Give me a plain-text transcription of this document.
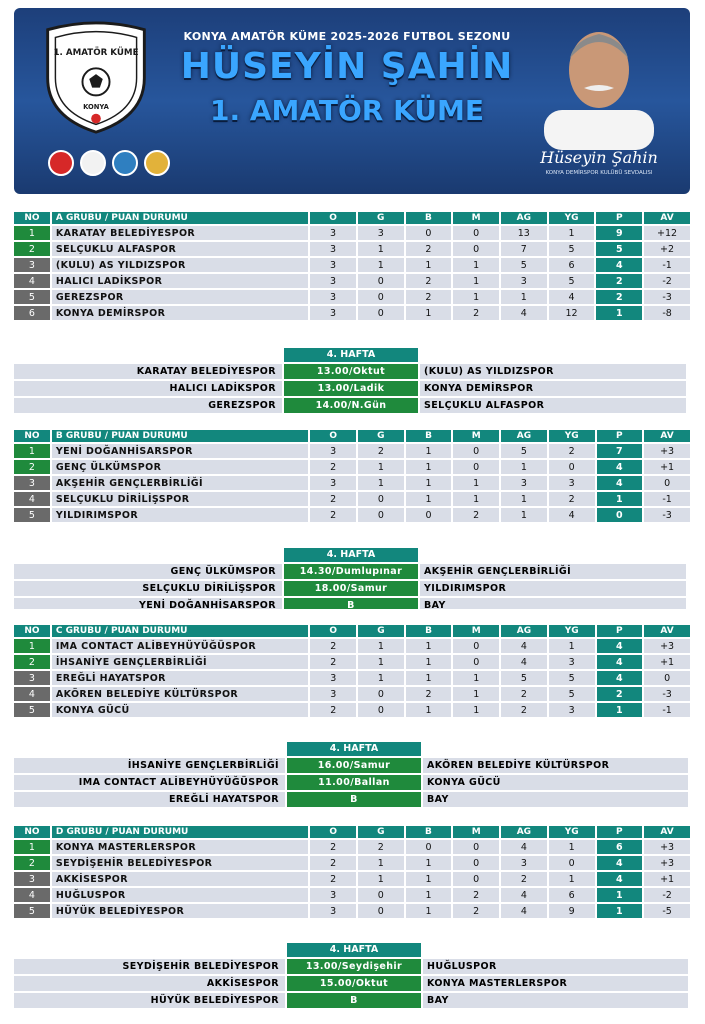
1. AMATÖR KÜME
KONYA
KONYA AMATÖR KÜME 2025-2026 FUTBOL SEZONU
HÜSEYİN ŞAHİN
1. AMATÖR KÜME
Hüseyin Şahin
KONYA DEMİRSPOR KULÜBÜ SEVDALISI
NO	A GRUBU / PUAN DURUMU	O	G	B	M	AG	YG	P	AV
1	KARATAY BELEDİYESPOR	3	3	0	0	13	1	9	+12
2	SELÇUKLU ALFASPOR	3	1	2	0	7	5	5	+2
3	(KULU) AS YILDIZSPOR	3	1	1	1	5	6	4	-1
4	HALICI LADİKSPOR	3	0	2	1	3	5	2	-2
5	GEREZSPOR	3	0	2	1	1	4	2	-3
6	KONYA DEMİRSPOR	3	0	1	2	4	12	1	-8
4. HAFTA
KARATAY BELEDİYESPOR	13.00/Oktut	(KULU) AS YILDIZSPOR
HALICI LADİKSPOR	13.00/Ladik	KONYA DEMİRSPOR
GEREZSPOR	14.00/N.Gün	SELÇUKLU ALFASPOR
NO	B GRUBU / PUAN DURUMU	O	G	B	M	AG	YG	P	AV
1	YENİ DOĞANHİSARSPOR	3	2	1	0	5	2	7	+3
2	GENÇ ÜLKÜMSPOR	2	1	1	0	1	0	4	+1
3	AKŞEHİR GENÇLERBİRLİĞİ	3	1	1	1	3	3	4	0
4	SELÇUKLU DİRİLİŞSPOR	2	0	1	1	1	2	1	-1
5	YILDIRIMSPOR	2	0	0	2	1	4	0	-3
4. HAFTA
GENÇ ÜLKÜMSPOR	14.30/Dumlupınar	AKŞEHİR GENÇLERBİRLİĞİ
SELÇUKLU DİRİLİŞSPOR	18.00/Samur	YILDIRIMSPOR
YENİ DOĞANHİSARSPOR	B	BAY
NO	C GRUBU / PUAN DURUMU	O	G	B	M	AG	YG	P	AV
1	IMA CONTACT ALİBEYHÜYÜĞÜSPOR	2	1	1	0	4	1	4	+3
2	İHSANİYE GENÇLERBİRLİĞİ	2	1	1	0	4	3	4	+1
3	EREĞLİ HAYATSPOR	3	1	1	1	5	5	4	0
4	AKÖREN BELEDİYE KÜLTÜRSPOR	3	0	2	1	2	5	2	-3
5	KONYA GÜCÜ	2	0	1	1	2	3	1	-1
4. HAFTA
İHSANİYE GENÇLERBİRLİĞİ	16.00/Samur	AKÖREN BELEDİYE KÜLTÜRSPOR
IMA CONTACT ALİBEYHÜYÜĞÜSPOR	11.00/Ballan	KONYA GÜCÜ
EREĞLİ HAYATSPOR	B	BAY
NO	D GRUBU / PUAN DURUMU	O	G	B	M	AG	YG	P	AV
1	KONYA MASTERLERSPOR	2	2	0	0	4	1	6	+3
2	SEYDİŞEHİR BELEDİYESPOR	2	1	1	0	3	0	4	+3
3	AKKİSESPOR	2	1	1	0	2	1	4	+1
4	HUĞLUSPOR	3	0	1	2	4	6	1	-2
5	HÜYÜK BELEDİYESPOR	3	0	1	2	4	9	1	-5
4. HAFTA
SEYDİŞEHİR BELEDİYESPOR	13.00/Seydişehir	HUĞLUSPOR
AKKİSESPOR	15.00/Oktut	KONYA MASTERLERSPOR
HÜYÜK BELEDİYESPOR	B	BAY
